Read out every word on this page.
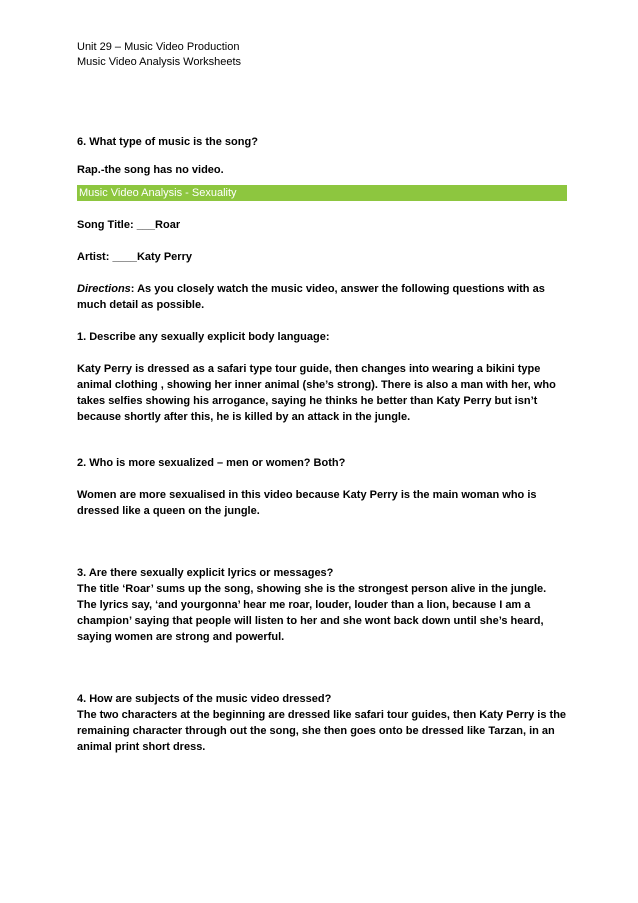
Unit 29 – Music Video Production
Music Video Analysis Worksheets

6. What type of music is the song?

Rap.-the song has no video.

Music Video Analysis - Sexuality

Song Title: ___Roar

Artist: ____Katy Perry

Directions: As you closely watch the music video, answer the following questions with as much detail as possible.

1. Describe any sexually explicit body language:

Katy Perry is dressed as a safari type tour guide, then changes into wearing a bikini type animal clothing , showing her inner animal (she’s strong). There is also a man with her, who takes selfies showing his arrogance, saying he thinks he better than Katy Perry but isn’t because shortly after this, he is killed by an attack in the jungle.

2. Who is more sexualized – men or women? Both?

Women are more sexualised in this video because Katy Perry is the main woman who is dressed like a queen on the jungle.

3. Are there sexually explicit lyrics or messages?

The title ‘Roar’ sums up the song, showing she is the strongest person alive in the jungle. The lyrics say, ‘and yourgonna’ hear me roar, louder, louder than a lion, because I am a champion’ saying that people will listen to her and she wont back down until she’s heard, saying women are strong and powerful.

4. How are subjects of the music video dressed?

The two characters at the beginning are dressed like safari tour guides, then Katy Perry is the remaining character through out the song, she then goes onto be dressed like Tarzan, in an animal print short dress.
